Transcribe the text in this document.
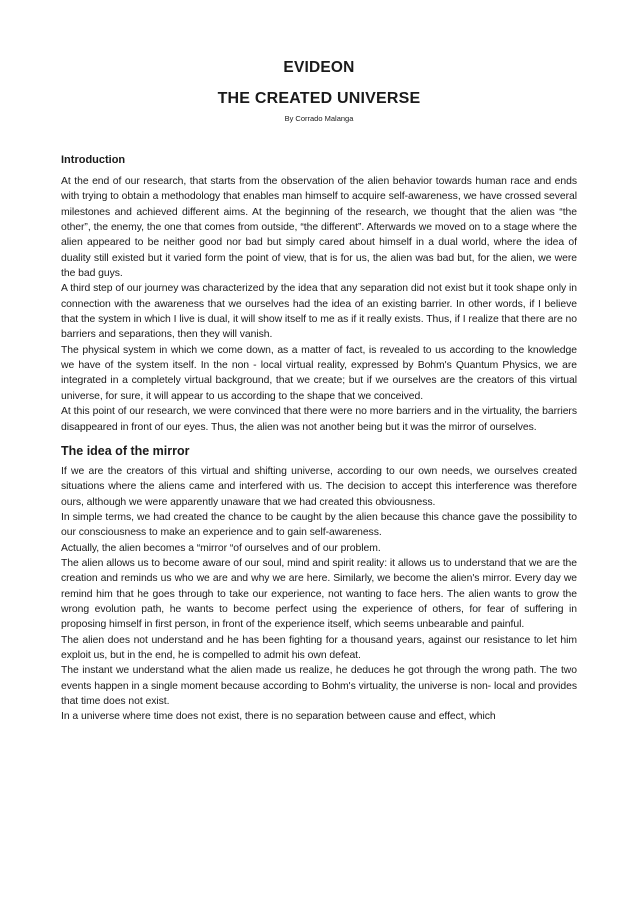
EVIDEON
THE CREATED UNIVERSE
By Corrado Malanga
Introduction

At the end of our research, that starts from the observation of the alien behavior towards human race and ends with trying to obtain a methodology that enables man himself to acquire self-awareness, we have crossed several milestones and achieved different aims. At the beginning of the research, we thought that the alien was “the other”, the enemy, the one that comes from outside, “the different”. Afterwards we moved on to a stage where the alien appeared to be neither good nor bad but simply cared about himself in a dual world, where the idea of duality still existed but it varied form the point of view, that is for us, the alien was bad but, for the alien, we were the bad guys.

A third step of our journey was characterized by the idea that any separation did not exist but it took shape only in connection with the awareness that we ourselves had the idea of an existing barrier. In other words, if I believe that the system in which I live is dual, it will show itself to me as if it really exists. Thus, if I realize that there are no barriers and separations, then they will vanish.

The physical system in which we come down, as a matter of fact, is revealed to us according to the knowledge we have of the system itself. In the non - local virtual reality, expressed by Bohm's Quantum Physics, we are integrated in a completely virtual background, that we create; but if we ourselves are the creators of this virtual universe, for sure, it will appear to us according to the shape that we conceived.

At this point of our research, we were convinced that there were no more barriers and in the virtuality, the barriers disappeared in front of our eyes. Thus, the alien was not another being but it was the mirror of ourselves.

The idea of the mirror

If we are the creators of this virtual and shifting universe, according to our own needs, we ourselves created situations where the aliens came and interfered with us. The decision to accept this interference was therefore ours, although we were apparently unaware that we had created this obviousness.

In simple terms, we had created the chance to be caught by the alien because this chance gave the possibility to our consciousness to make an experience and to gain self-awareness.

Actually, the alien becomes a “mirror “of ourselves and of our problem.

The alien allows us to become aware of our soul, mind and spirit reality: it allows us to understand that we are the creation and reminds us who we are and why we are here. Similarly, we become the alien's mirror. Every day we remind him that he goes through to take our experience, not wanting to face hers. The alien wants to grow the wrong evolution path, he wants to become perfect using the experience of others, for fear of suffering in proposing himself in first person, in front of the experience itself, which seems unbearable and painful.

The alien does not understand and he has been fighting for a thousand years, against our resistance to let him exploit us, but in the end, he is compelled to admit his own defeat.

The instant we understand what the alien made us realize, he deduces he got through the wrong path. The two events happen in a single moment because according to Bohm's virtuality, the universe is non- local and provides that time does not exist.

In a universe where time does not exist, there is no separation between cause and effect, which
